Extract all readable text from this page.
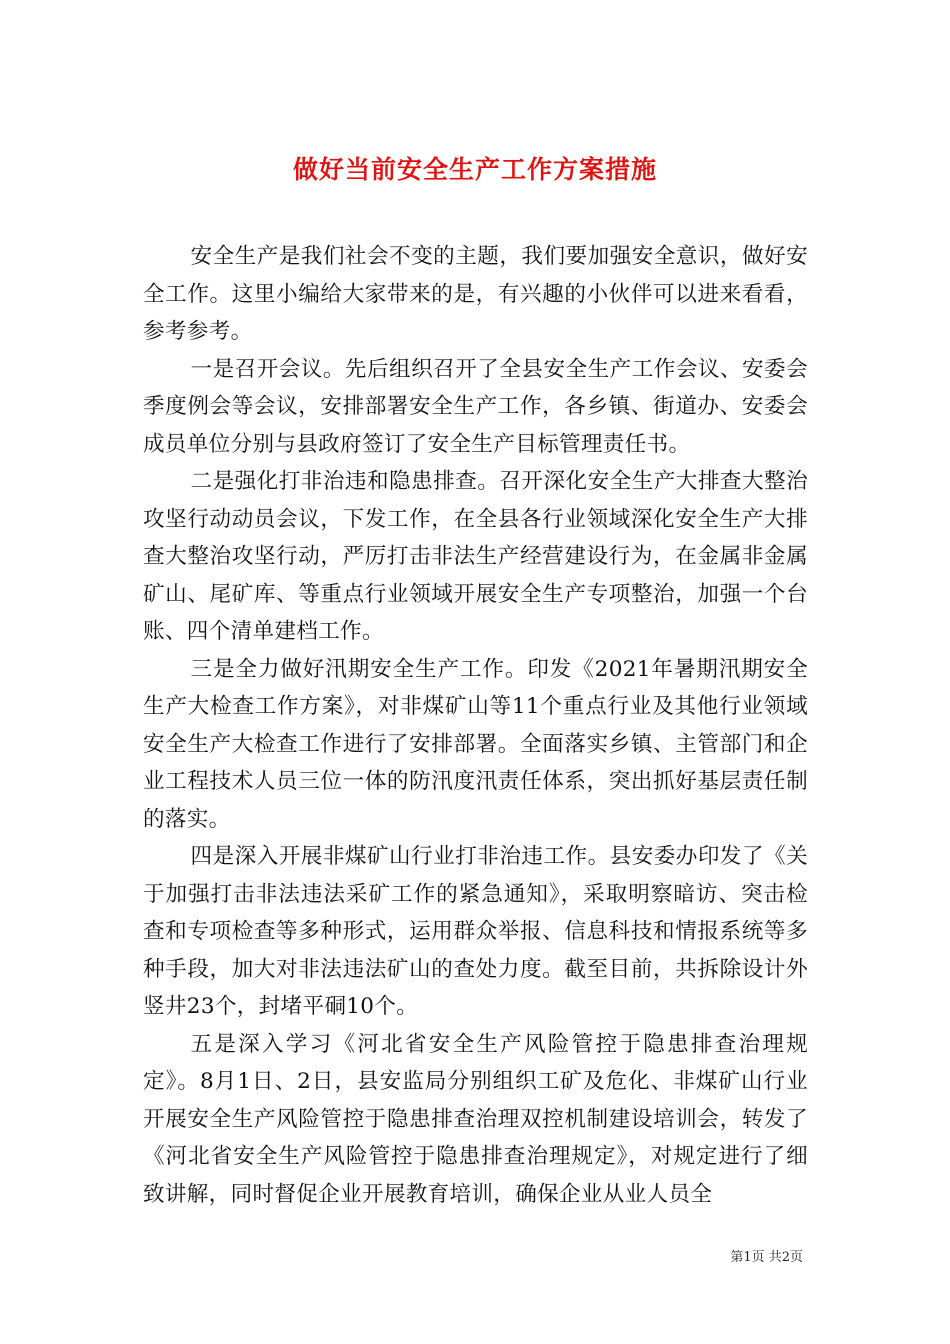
做好当前安全生产工作方案措施

安全生产是我们社会不变的主题，我们要加强安全意识，做好安全工作。这里小编给大家带来的是，有兴趣的小伙伴可以进来看看，参考参考。

一是召开会议。先后组织召开了全县安全生产工作会议、安委会季度例会等会议，安排部署安全生产工作，各乡镇、街道办、安委会成员单位分别与县政府签订了安全生产目标管理责任书。

二是强化打非治违和隐患排查。召开深化安全生产大排查大整治攻坚行动动员会议，下发工作，在全县各行业领域深化安全生产大排查大整治攻坚行动，严厉打击非法生产经营建设行为，在金属非金属矿山、尾矿库、等重点行业领域开展安全生产专项整治，加强一个台账、四个清单建档工作。

三是全力做好汛期安全生产工作。印发《2021年暑期汛期安全生产大检查工作方案》，对非煤矿山等11个重点行业及其他行业领域安全生产大检查工作进行了安排部署。全面落实乡镇、主管部门和企业工程技术人员三位一体的防汛度汛责任体系，突出抓好基层责任制的落实。

四是深入开展非煤矿山行业打非治违工作。县安委办印发了《关于加强打击非法违法采矿工作的紧急通知》，采取明察暗访、突击检查和专项检查等多种形式，运用群众举报、信息科技和情报系统等多种手段，加大对非法违法矿山的查处力度。截至目前，共拆除设计外竖井23个，封堵平硐10个。

五是深入学习《河北省安全生产风险管控于隐患排查治理规定》。8月1日、2日，县安监局分别组织工矿及危化、非煤矿山行业开展安全生产风险管控于隐患排查治理双控机制建设培训会，转发了《河北省安全生产风险管控于隐患排查治理规定》，对规定进行了细致讲解，同时督促企业开展教育培训，确保企业从业人员全

第1页 共2页
